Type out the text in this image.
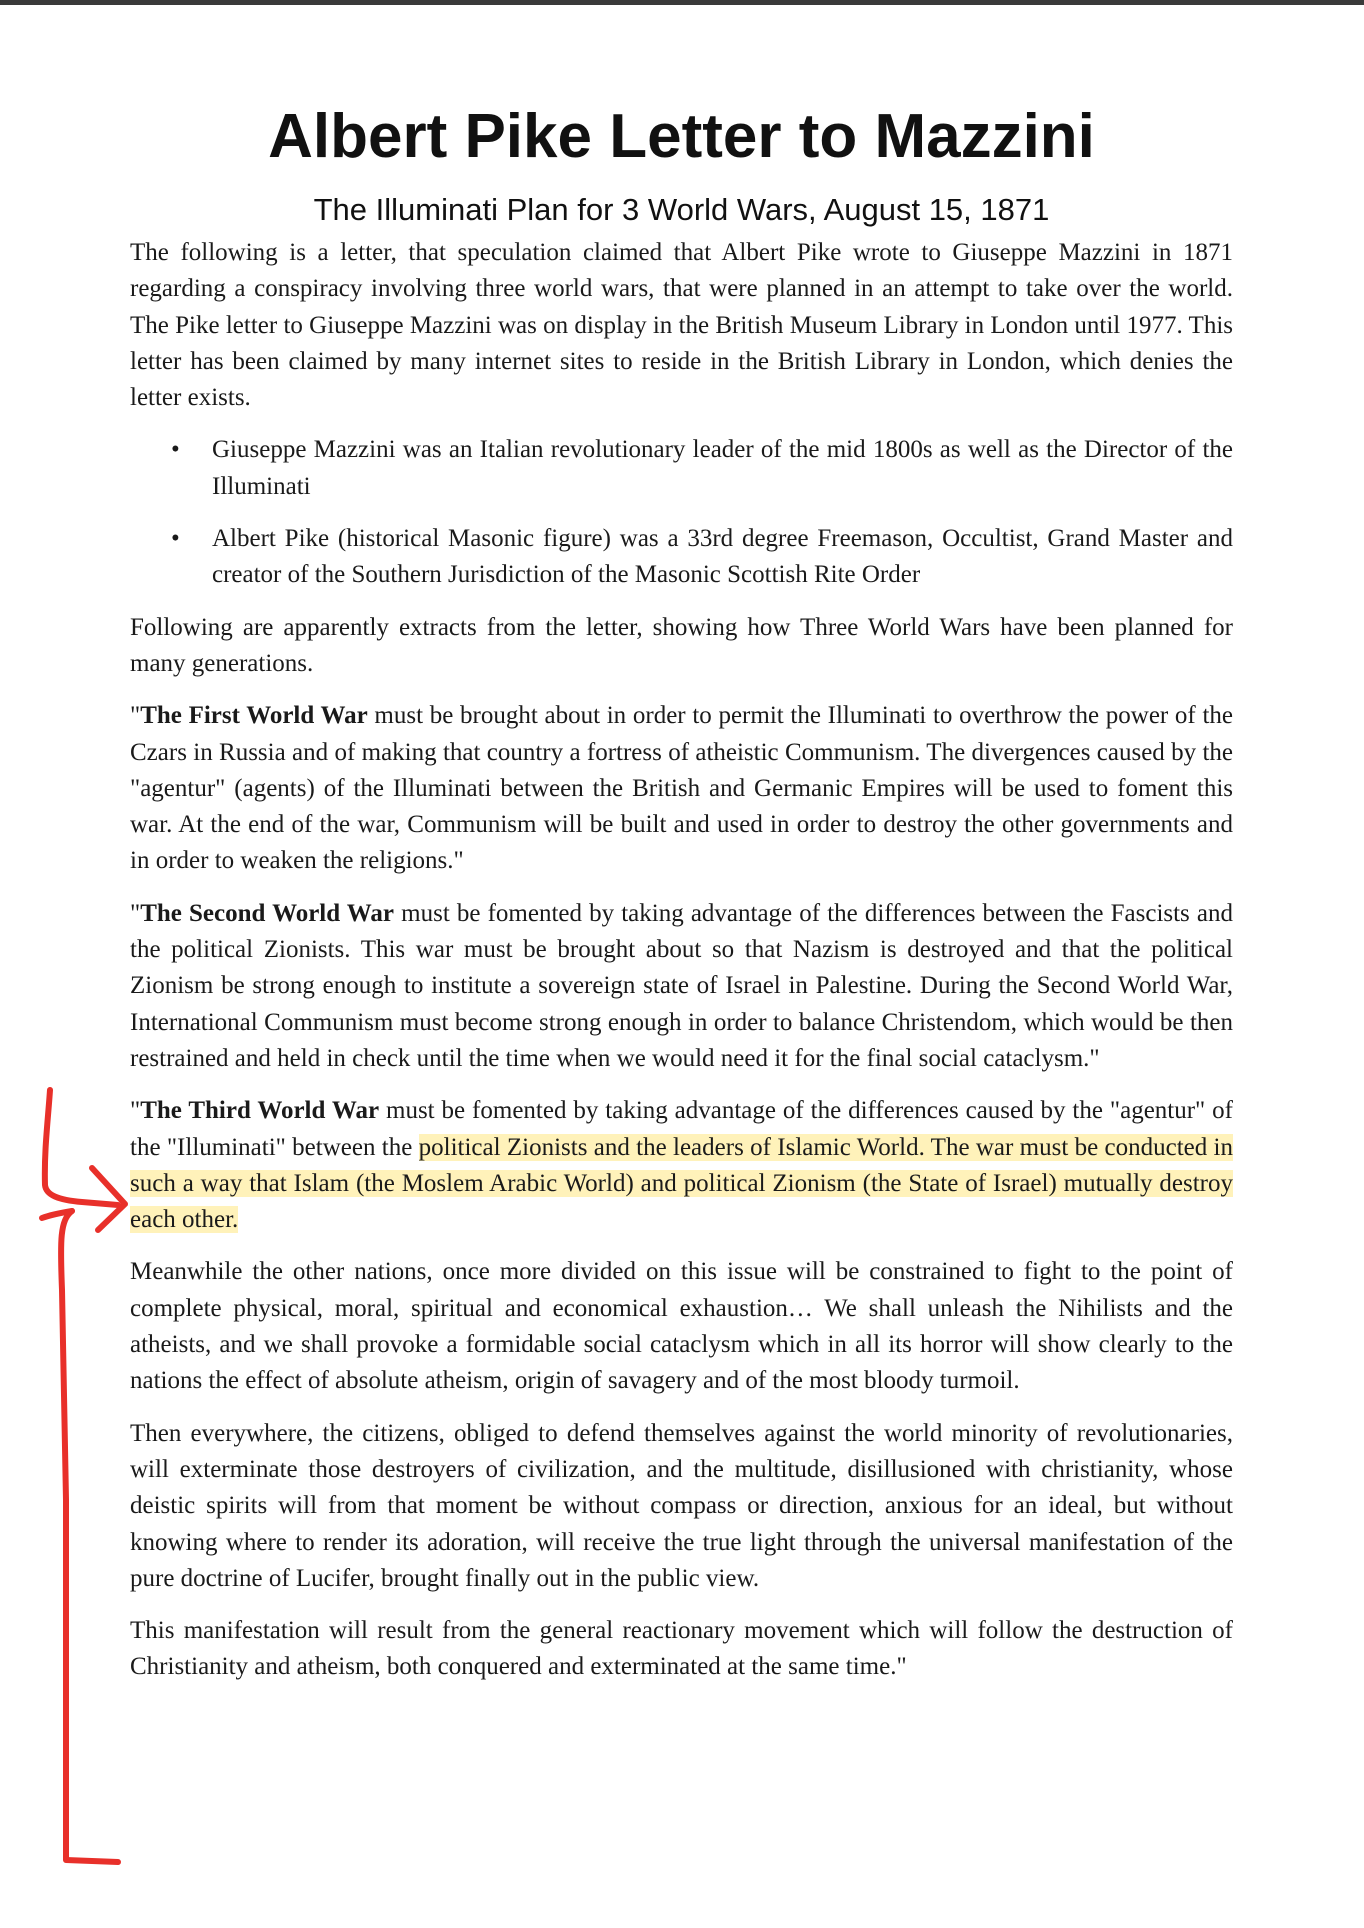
Albert Pike Letter to Mazzini
The Illuminati Plan for 3 World Wars, August 15, 1871

The following is a letter, that speculation claimed that Albert Pike wrote to Giuseppe Mazzini in 1871 regarding a conspiracy involving three world wars, that were planned in an attempt to take over the world. The Pike letter to Giuseppe Mazzini was on display in the British Museum Library in London until 1977. This letter has been claimed by many internet sites to reside in the British Library in London, which denies the letter exists.

• Giuseppe Mazzini was an Italian revolutionary leader of the mid 1800s as well as the Director of the Illuminati
• Albert Pike (historical Masonic figure) was a 33rd degree Freemason, Occultist, Grand Master and creator of the Southern Jurisdiction of the Masonic Scottish Rite Order

Following are apparently extracts from the letter, showing how Three World Wars have been planned for many generations.

"The First World War must be brought about in order to permit the Illuminati to overthrow the power of the Czars in Russia and of making that country a fortress of atheistic Communism. The divergences caused by the "agentur" (agents) of the Illuminati between the British and Germanic Empires will be used to foment this war. At the end of the war, Communism will be built and used in order to destroy the other governments and in order to weaken the religions."

"The Second World War must be fomented by taking advantage of the differences between the Fascists and the political Zionists. This war must be brought about so that Nazism is destroyed and that the political Zionism be strong enough to institute a sovereign state of Israel in Palestine. During the Second World War, International Communism must become strong enough in order to balance Christendom, which would be then restrained and held in check until the time when we would need it for the final social cataclysm."

"The Third World War must be fomented by taking advantage of the differences caused by the "agentur" of the "Illuminati" between the political Zionists and the leaders of Islamic World. The war must be conducted in such a way that Islam (the Moslem Arabic World) and political Zionism (the State of Israel) mutually destroy each other.

Meanwhile the other nations, once more divided on this issue will be constrained to fight to the point of complete physical, moral, spiritual and economical exhaustion… We shall unleash the Nihilists and the atheists, and we shall provoke a formidable social cataclysm which in all its horror will show clearly to the nations the effect of absolute atheism, origin of savagery and of the most bloody turmoil.

Then everywhere, the citizens, obliged to defend themselves against the world minority of revolutionaries, will exterminate those destroyers of civilization, and the multitude, disillusioned with christianity, whose deistic spirits will from that moment be without compass or direction, anxious for an ideal, but without knowing where to render its adoration, will receive the true light through the universal manifestation of the pure doctrine of Lucifer, brought finally out in the public view.

This manifestation will result from the general reactionary movement which will follow the destruction of Christianity and atheism, both conquered and exterminated at the same time."
